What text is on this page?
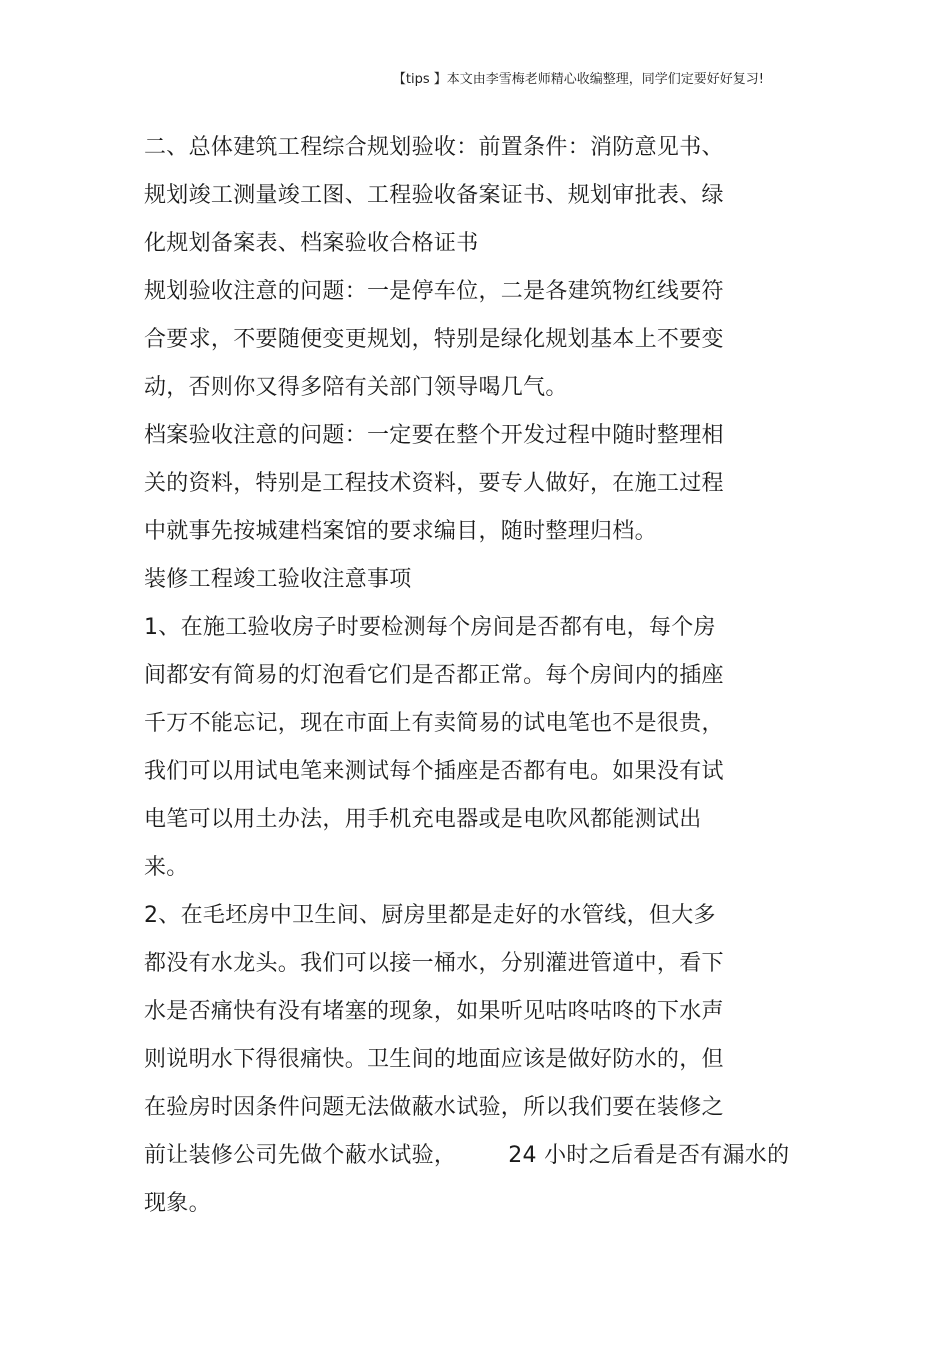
【tips 】本文由李雪梅老师精心收编整理，同学们定要好好复习!
二、总体建筑工程综合规划验收：前置条件：消防意见书、
规划竣工测量竣工图、工程验收备案证书、规划审批表、绿
化规划备案表、档案验收合格证书
规划验收注意的问题：一是停车位，二是各建筑物红线要符
合要求，不要随便变更规划，特别是绿化规划基本上不要变
动，否则你又得多陪有关部门领导喝几气。
档案验收注意的问题：一定要在整个开发过程中随时整理相
关的资料，特别是工程技术资料，要专人做好，在施工过程
中就事先按城建档案馆的要求编目，随时整理归档。
装修工程竣工验收注意事项
1、在施工验收房子时要检测每个房间是否都有电，每个房
间都安有简易的灯泡看它们是否都正常。每个房间内的插座
千万不能忘记，现在市面上有卖简易的试电笔也不是很贵，
我们可以用试电笔来测试每个插座是否都有电。如果没有试
电笔可以用土办法，用手机充电器或是电吹风都能测试出
来。
2、在毛坯房中卫生间、厨房里都是走好的水管线，但大多
都没有水龙头。我们可以接一桶水，分别灌进管道中，看下
水是否痛快有没有堵塞的现象，如果听见咕咚咕咚的下水声
则说明水下得很痛快。卫生间的地面应该是做好防水的，但
在验房时因条件问题无法做蔽水试验，所以我们要在装修之
前让装修公司先做个蔽水试验， 24 小时之后看是否有漏水的
现象。
